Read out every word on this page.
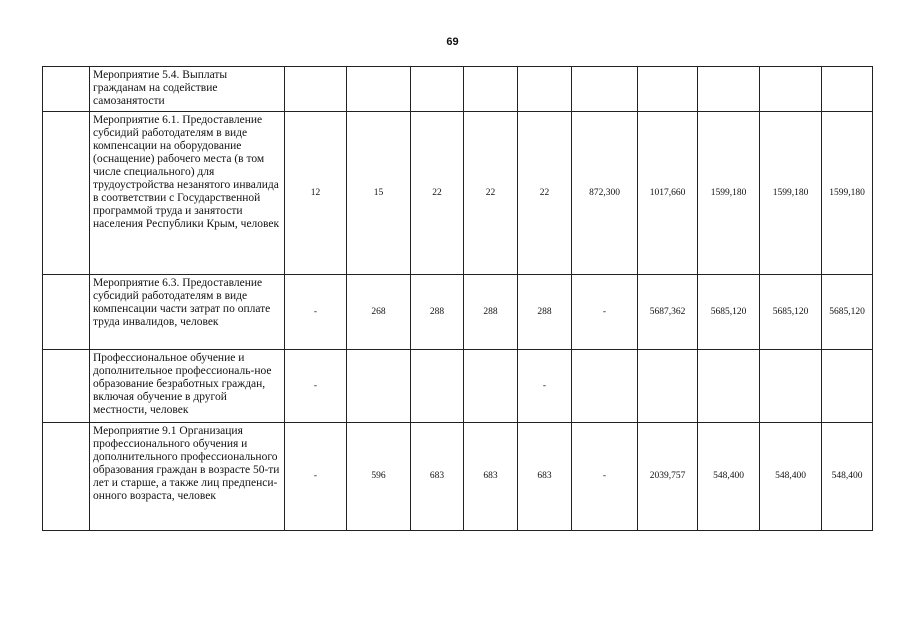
69
	Мероприятие 5.4. Выплаты гражданам на содействие самозанятости										
	Мероприятие 6.1. Предоставление субсидий работодателям в виде компенсации на оборудование (оснащение) рабочего места (в том числе специального) для трудоустройства незанятого инвалида в соответствии с Государственной программой труда и занятости населения Республики Крым, человек	12	15	22	22	22	872,300	1017,660	1599,180	1599,180	1599,180
	Мероприятие 6.3. Предоставление субсидий работодателям в виде компенсации части затрат по оплате труда инвалидов, человек	-	268	288	288	288	-	5687,362	5685,120	5685,120	5685,120
	Профессиональное обучение и дополнительное профессиональ-ное образование безработных граждан, включая обучение в другой местности, человек	-				-					
	Мероприятие 9.1 Организация профессионального обучения и дополнительного профессионального образования граждан в возрасте 50-ти лет и старше, а также лиц предпенси-онного возраста, человек	-	596	683	683	683	-	2039,757	548,400	548,400	548,400
